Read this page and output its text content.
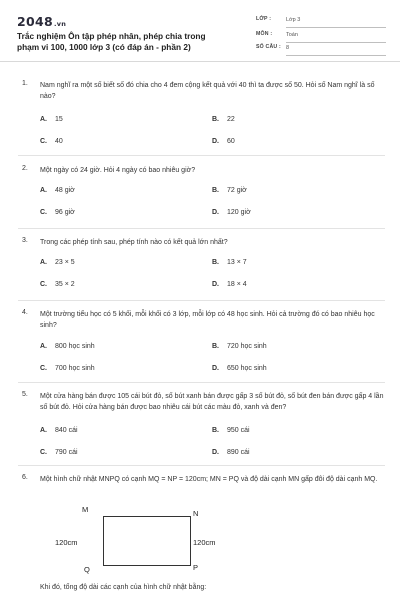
2048.vn
Trắc nghiệm Ôn tập phép nhân, phép chia trong phạm vi 100, 1000 lớp 3 (có đáp án - phần 2)
LỚP :	Lớp 3
MÔN : Toán
SỐ CÂU : 8
1. Nam nghĩ ra một số biết số đó chia cho 4 đem cộng kết quả với 40 thì ta được số 50. Hỏi số Nam nghĩ là số nào?
A. 15	B. 22
C. 40	D. 60
2. Một ngày có 24 giờ. Hỏi 4 ngày có bao nhiêu giờ?
A. 48 giờ	B. 72 giờ
C. 96 giờ	D. 120 giờ
3. Trong các phép tính sau, phép tính nào có kết quả lớn nhất?
A. 23 × 5	B. 13 × 7
C. 35 × 2	D. 18 × 4
4. Một trường tiểu học có 5 khối, mỗi khối có 3 lớp, mỗi lớp có 48 học sinh. Hỏi cả trường đó có bao nhiêu học sinh?
A. 800 học sinh	B. 720 học sinh
C. 700 học sinh	D. 650 học sinh
5. Một cửa hàng bán được 105 cái bút đỏ, số bút xanh bán được gấp 3 số bút đỏ, số bút đen bán được gấp 4 lần số bút đỏ. Hỏi cửa hàng bán được bao nhiêu cái bút các màu đỏ, xanh và đen?
A. 840 cái	B. 950 cái
C. 790 cái	D. 890 cái
6. Một hình chữ nhật MNPQ có cạnh MQ = NP = 120cm; MN = PQ và độ dài cạnh MN gấp đôi độ dài cạnh MQ.
M	N
P
Q
120cm	120cm
Khi đó, tổng độ dài các cạnh của hình chữ nhật bằng:
